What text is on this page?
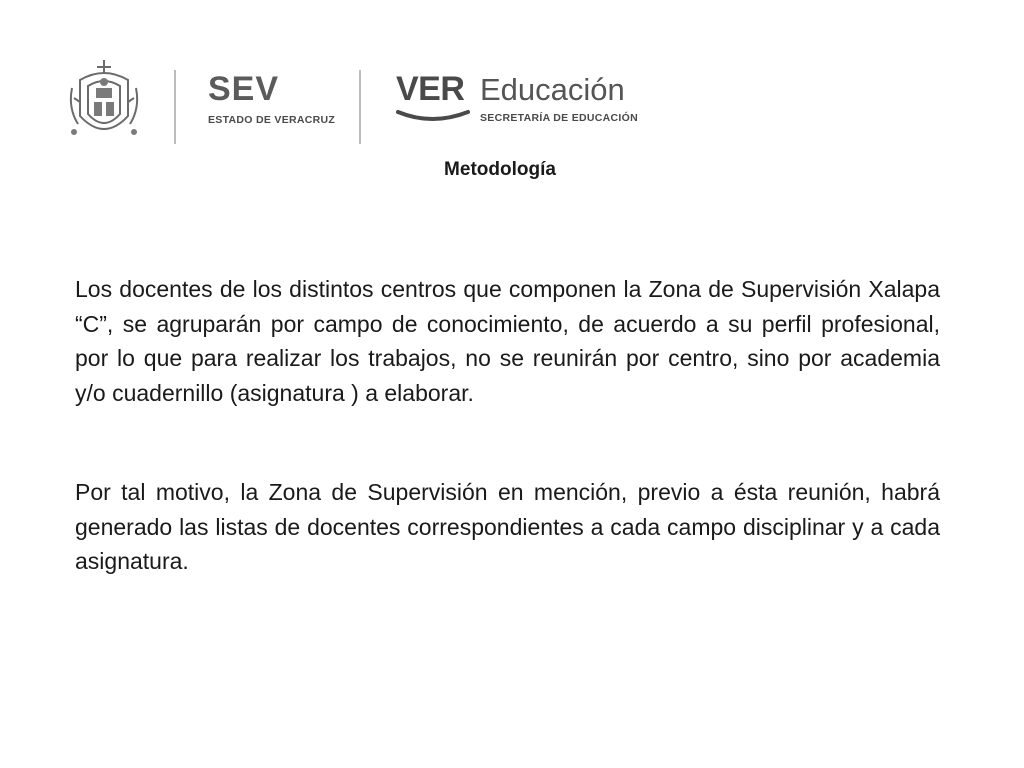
SEV
ESTADO DE VERACRUZ
VER Educación
SECRETARÍA DE EDUCACIÓN
Metodología

Los docentes de los distintos centros que componen la Zona de Supervisión Xalapa “C”, se agruparán por campo de conocimiento, de acuerdo a su perfil profesional, por lo que para realizar los trabajos, no se reunirán por centro, sino por academia y/o cuadernillo (asignatura ) a elaborar.

Por tal motivo, la Zona de Supervisión en mención, previo a ésta reunión, habrá generado las listas de docentes correspondientes a cada campo disciplinar y a cada asignatura.
